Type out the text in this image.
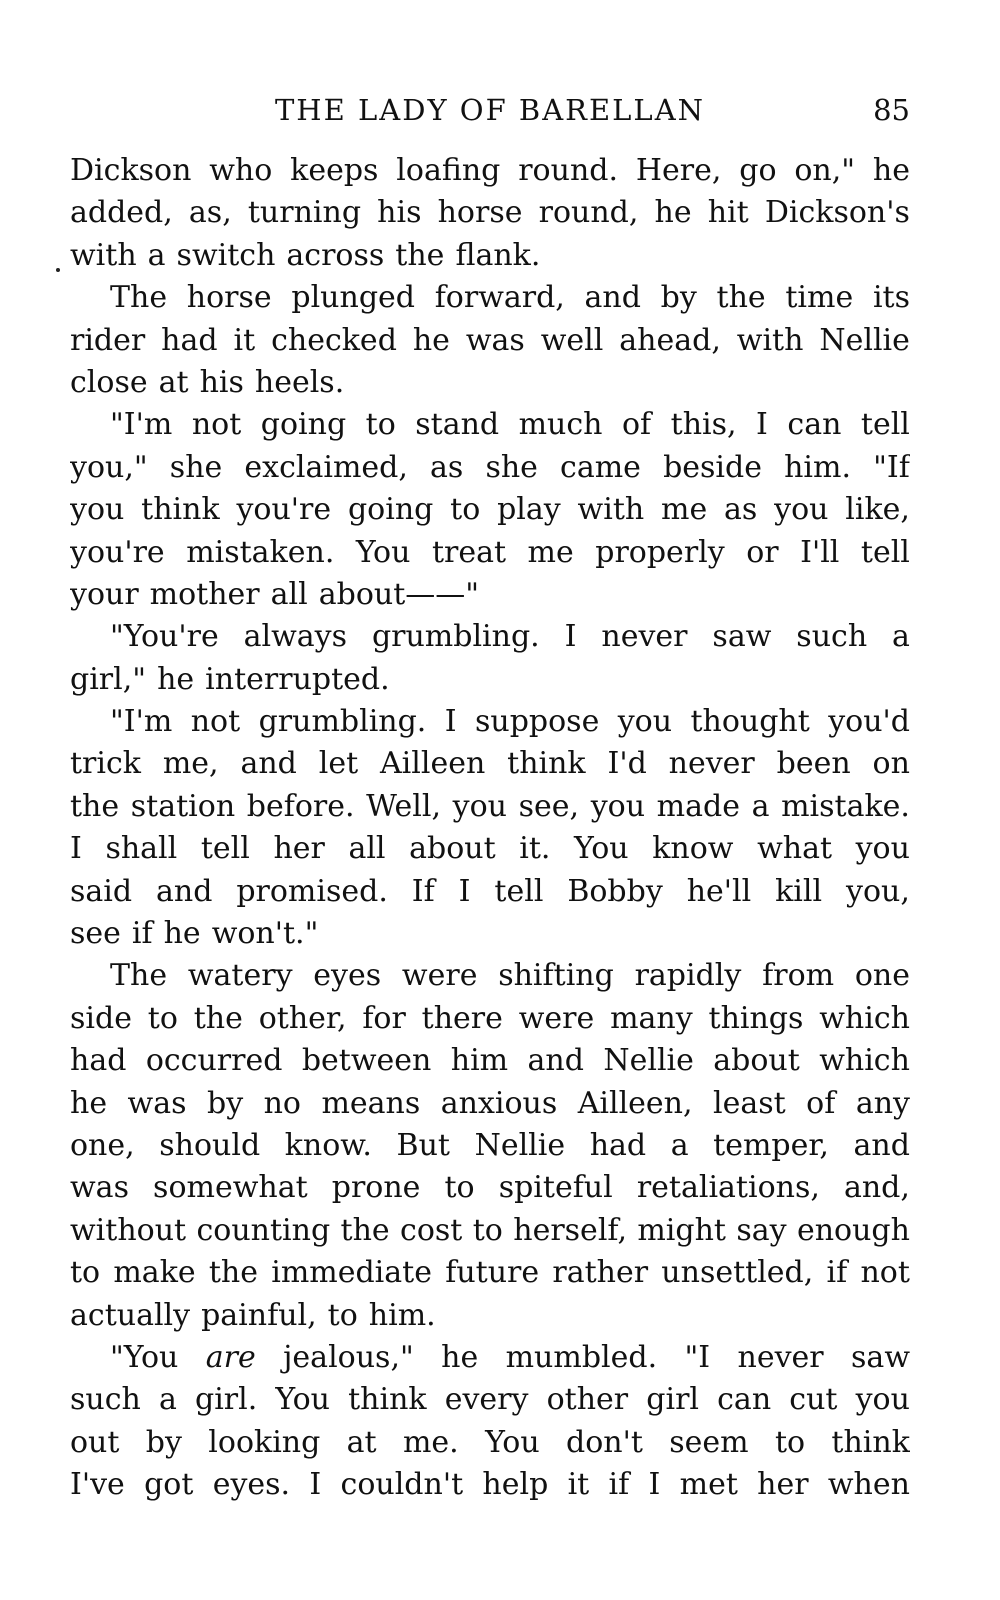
THE LADY OF BARELLAN	85
Dickson who keeps loafing round. Here, go on," he
added, as, turning his horse round, he hit Dickson's
with a switch across the flank.
The horse plunged forward, and by the time its
rider had it checked he was well ahead, with Nellie
close at his heels.
"I'm not going to stand much of this, I can tell
you," she exclaimed, as she came beside him. "If
you think you're going to play with me as you like,
you're mistaken. You treat me properly or I'll tell
your mother all about——"
"You're always grumbling. I never saw such a
girl," he interrupted.
"I'm not grumbling. I suppose you thought you'd
trick me, and let Ailleen think I'd never been on
the station before. Well, you see, you made a mistake.
I shall tell her all about it. You know what you
said and promised. If I tell Bobby he'll kill you,
see if he won't."
The watery eyes were shifting rapidly from one
side to the other, for there were many things which
had occurred between him and Nellie about which
he was by no means anxious Ailleen, least of any
one, should know. But Nellie had a temper, and
was somewhat prone to spiteful retaliations, and,
without counting the cost to herself, might say enough
to make the immediate future rather unsettled, if not
actually painful, to him.
"You are jealous," he mumbled. "I never saw
such a girl. You think every other girl can cut you
out by looking at me. You don't seem to think
I've got eyes. I couldn't help it if I met her when
